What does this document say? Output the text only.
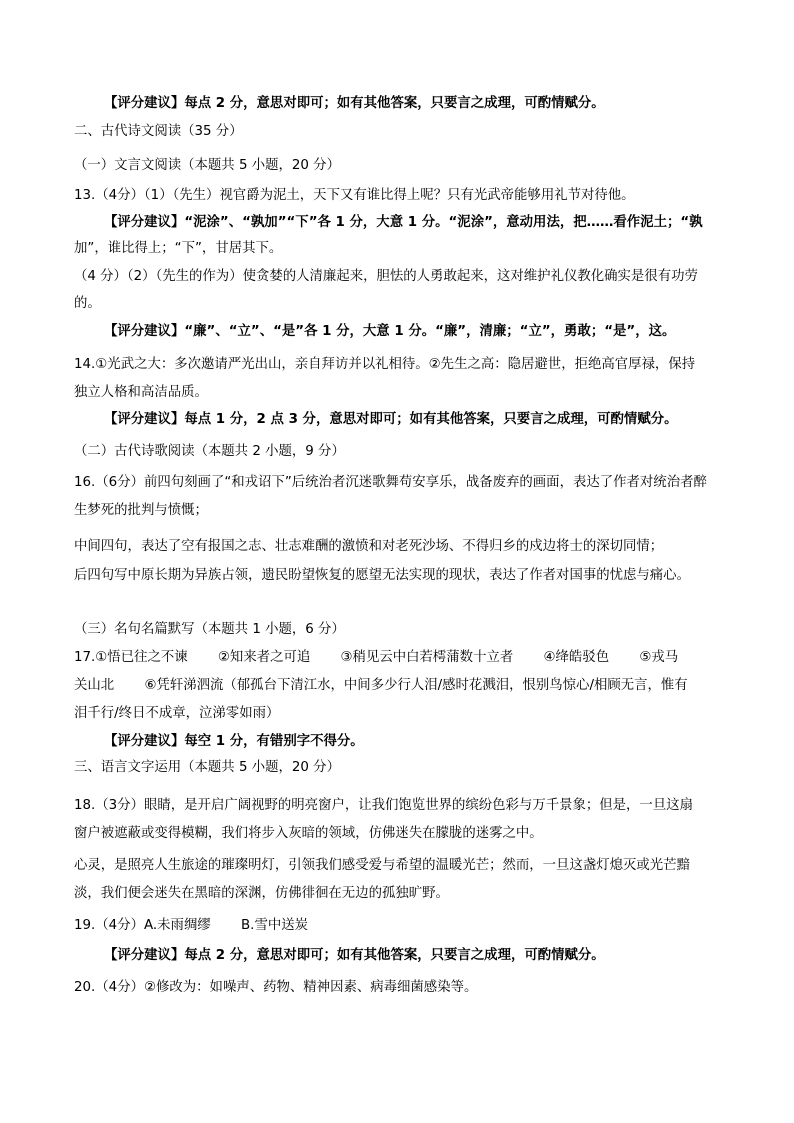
【评分建议】每点 2 分，意思对即可；如有其他答案，只要言之成理，可酌情赋分。
二、古代诗文阅读（35 分）
（一）文言文阅读（本题共 5 小题，20 分）
13.（4分）（1）（先生）视官爵为泥土，天下又有谁比得上呢？只有光武帝能够用礼节对待他。
【评分建议】“泥涂”、“孰加”“下”各 1 分，大意 1 分。“泥涂”，意动用法，把……看作泥土；“孰
加”，谁比得上；“下”，甘居其下。
（4 分）（2）（先生的作为）使贪婪的人清廉起来，胆怯的人勇敢起来，这对维护礼仪教化确实是很有功劳
的。
【评分建议】“廉”、“立”、“是”各 1 分，大意 1 分。“廉”，清廉；“立”，勇敢；“是”，这。
14.①光武之大：多次邀请严光出山，亲自拜访并以礼相待。②先生之高：隐居避世，拒绝高官厚禄，保持
独立人格和高洁品质。
【评分建议】每点 1 分，2 点 3 分，意思对即可；如有其他答案，只要言之成理，可酌情赋分。
（二）古代诗歌阅读（本题共 2 小题，9 分）
16.（6分）前四句刻画了“和戎诏下”后统治者沉迷歌舞苟安享乐，战备废弃的画面，表达了作者对统治者醉
生梦死的批判与愤慨；
中间四句，表达了空有报国之志、壮志难酬的激愤和对老死沙场、不得归乡的戍边将士的深切同情；
后四句写中原长期为异族占领，遗民盼望恢复的愿望无法实现的现状，表达了作者对国事的忧虑与痛心。
（三）名句名篇默写（本题共 1 小题，6 分）
17.①悟已往之不谏 ②知来者之可追 ③稍见云中白若樗蒲数十立者 ④绛皓驳色 ⑤戎马
关山北 ⑥凭轩涕泗流（郁孤台下清江水，中间多少行人泪/感时花溅泪，恨别鸟惊心/相顾无言，惟有
泪千行/终日不成章，泣涕零如雨）
【评分建议】每空 1 分，有错别字不得分。
三、语言文字运用（本题共 5 小题，20 分）
18.（3分）眼睛，是开启广阔视野的明亮窗户，让我们饱览世界的缤纷色彩与万千景象；但是，一旦这扇
窗户被遮蔽或变得模糊，我们将步入灰暗的领域，仿佛迷失在朦胧的迷雾之中。
心灵，是照亮人生旅途的璀璨明灯，引领我们感受爱与希望的温暖光芒；然而，一旦这盏灯熄灭或光芒黯
淡，我们便会迷失在黑暗的深渊，仿佛徘徊在无边的孤独旷野。
19.（4分）A.未雨绸缪 B.雪中送炭
【评分建议】每点 2 分，意思对即可；如有其他答案，只要言之成理，可酌情赋分。
20.（4分）②修改为：如噪声、药物、精神因素、病毒细菌感染等。
